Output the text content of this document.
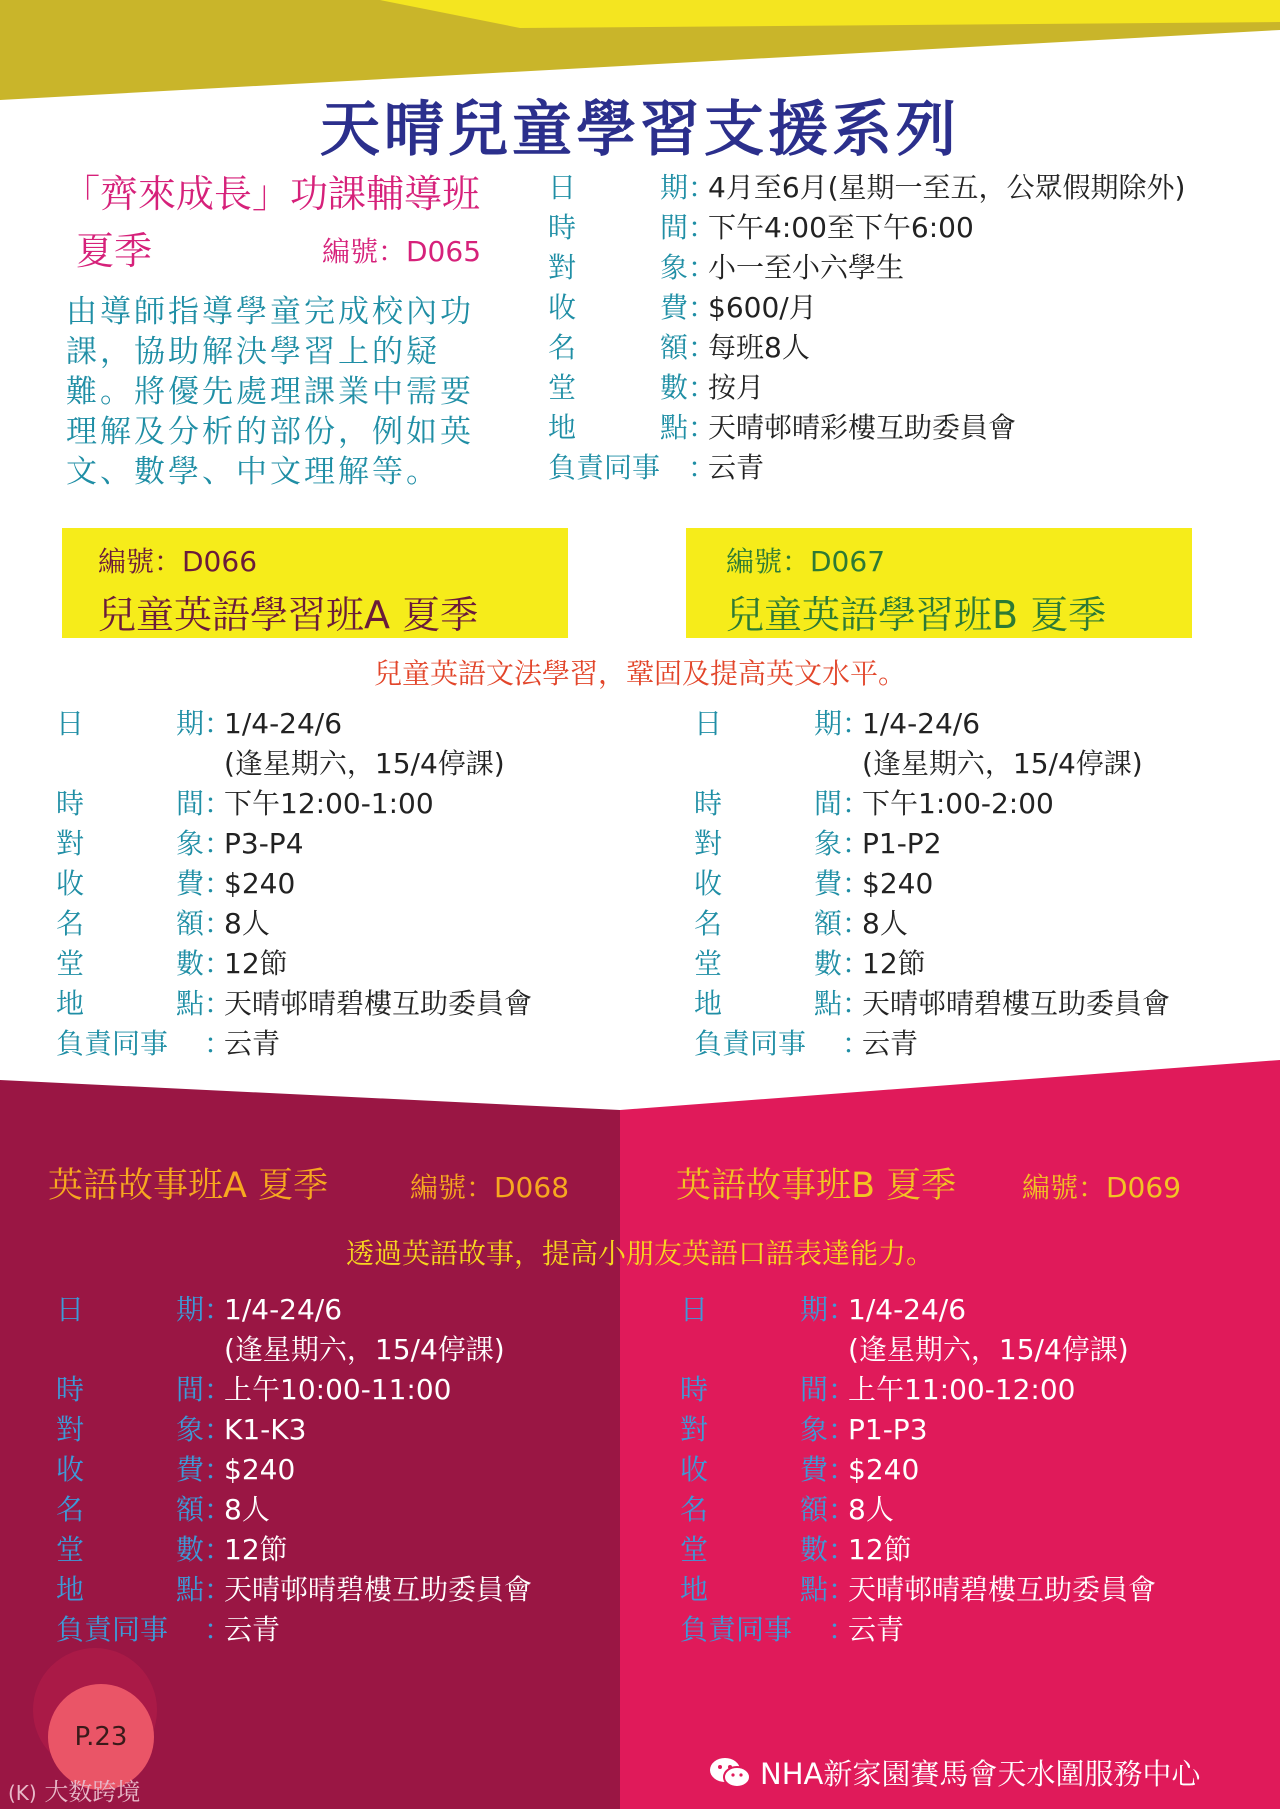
天晴兒童學習支援系列
「齊來成長」功課輔導班
夏季	編號：D065
由導師指導學童完成校內功課，協助解決學習上的疑難。將優先處理課業中需要理解及分析的部份，例如英文、數學、中文理解等。
日	期 ：
4月至6月(星期一至五，公眾假期除外)
時	間 ：
下午4:00至下午6:00
對	象 ：
小一至小六學生
收	費 ：
$600/月
名	額 ：
每班8人
堂	數 ：
按月
地	點 ：
天晴邨晴彩樓互助委員會
負責同事 ：
云青
編號：D066
兒童英語學習班A 夏季
編號：D067
兒童英語學習班B 夏季
兒童英語文法學習，鞏固及提高英文水平。
日	期 ：
1/4-24/6
(逢星期六，15/4停課)
時	間 ：
下午12:00-1:00
對	象 ：
P3-P4
收	費 ：
$240
名	額 ：
8人
堂	數 ：
12節
地	點 ：
天晴邨晴碧樓互助委員會
負責同事 ：
云青
日	期 ：
1/4-24/6
(逢星期六，15/4停課)
時	間 ：
下午1:00-2:00
對	象 ：
P1-P2
收	費 ：
$240
名	額 ：
8人
堂	數 ：
12節
地	點 ：
天晴邨晴碧樓互助委員會
負責同事 ：
云青
英語故事班A 夏季	編號：D068	英語故事班B 夏季 編號：D069
透過英語故事，提高小朋友英語口語表達能力。
日	期 ：
1/4-24/6
(逢星期六，15/4停課)
時	間 ：
上午10:00-11:00
對	象 ：
K1-K3
收	費 ：
$240
名	額 ：
8人
堂	數 ：
12節
地	點 ：
天晴邨晴碧樓互助委員會
負責同事 ：
云青
日	期 ：
1/4-24/6
(逢星期六，15/4停課)
時	間 ：
上午11:00-12:00
對	象 ：
P1-P3
收	費 ：
$240
名	額 ：
8人
堂	數 ：
12節
地	點 ：
天晴邨晴碧樓互助委員會
負責同事 ：
云青
P.23
NHA新家園賽馬會天水圍服務中心
(K) 大数跨境
